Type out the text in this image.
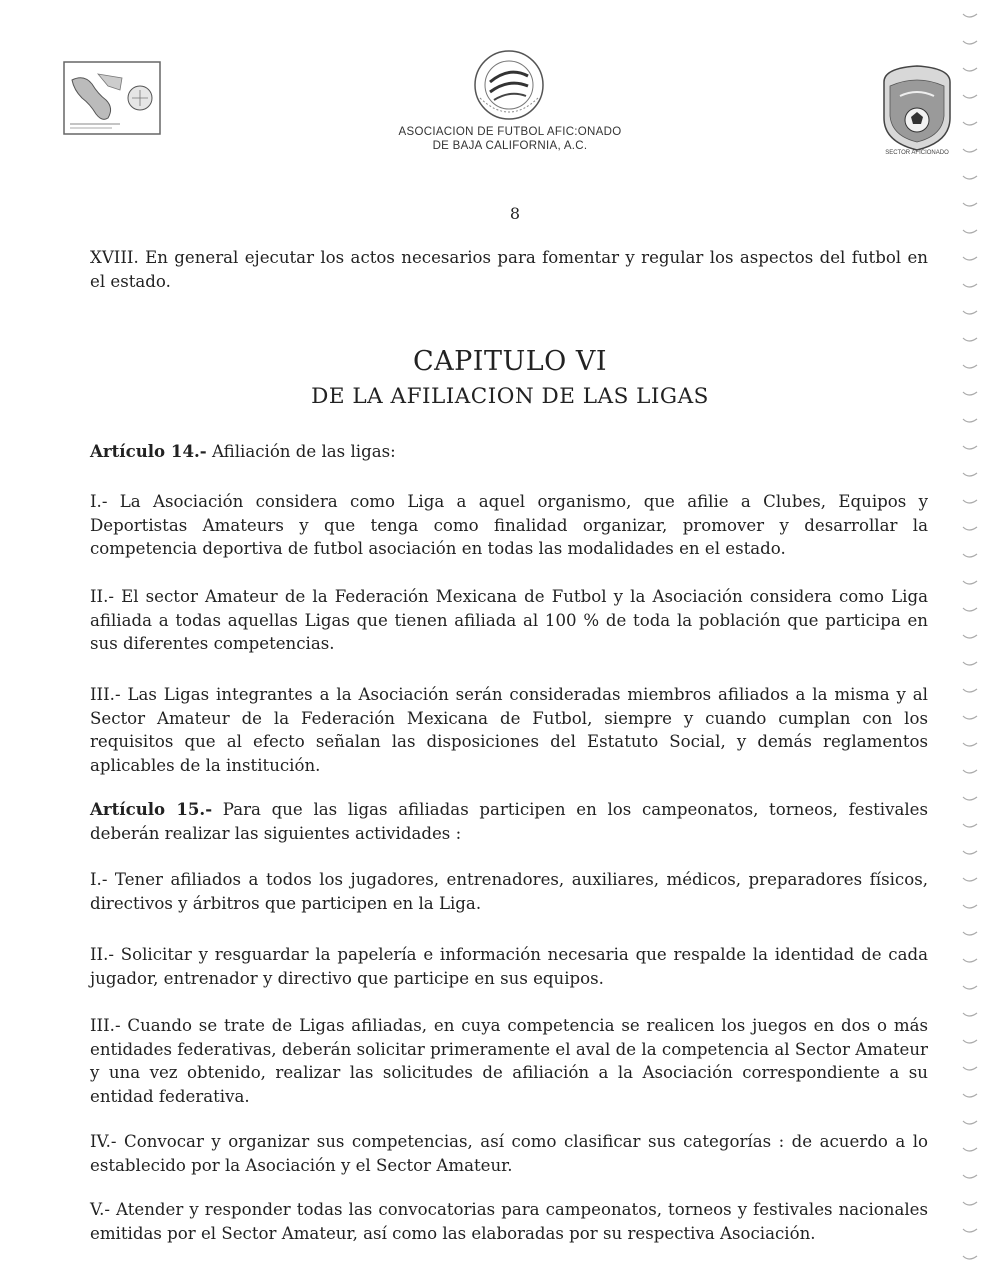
ASOCIACION DE FUTBOL AFIC:ONADO
DE BAJA CALIFORNIA, A.C.
SECTOR AFICIONADO
8

XVIII. En general ejecutar los actos necesarios para fomentar y regular los aspectos del futbol en el estado.

CAPITULO VI
DE LA AFILIACION DE LAS LIGAS

Artículo 14.- Afiliación de las ligas:

I.- La Asociación considera como Liga a aquel organismo, que afilie a Clubes, Equipos y Deportistas Amateurs y que tenga como finalidad organizar, promover y desarrollar la competencia deportiva de futbol asociación en todas las modalidades en el estado.

II.- El sector Amateur de la Federación Mexicana de Futbol y la Asociación considera como Liga afiliada a todas aquellas Ligas que tienen afiliada al 100 % de toda la población que participa en sus diferentes competencias.

III.- Las Ligas integrantes a la Asociación serán consideradas miembros afiliados a la misma y al Sector Amateur de la Federación Mexicana de Futbol, siempre y cuando cumplan con los requisitos que al efecto señalan las disposiciones del Estatuto Social, y demás reglamentos aplicables de la institución.

Artículo 15.- Para que las ligas afiliadas participen en los campeonatos, torneos, festivales deberán realizar las siguientes actividades :

I.- Tener afiliados a todos los jugadores, entrenadores, auxiliares, médicos, preparadores físicos, directivos y árbitros que participen en la Liga.

II.- Solicitar y resguardar la papelería e información necesaria que respalde la identidad de cada jugador, entrenador y directivo que participe en sus equipos.

III.- Cuando se trate de Ligas afiliadas, en cuya competencia se realicen los juegos en dos o más entidades federativas, deberán solicitar primeramente el aval de la competencia al Sector Amateur y una vez obtenido, realizar las solicitudes de afiliación a la Asociación correspondiente a su entidad federativa.

IV.- Convocar y organizar sus competencias, así como clasificar sus categorías : de acuerdo a lo establecido por la Asociación y el Sector Amateur.

V.- Atender y responder todas las convocatorias para campeonatos, torneos y festivales nacionales emitidas por el Sector Amateur, así como las elaboradas por su respectiva Asociación.
